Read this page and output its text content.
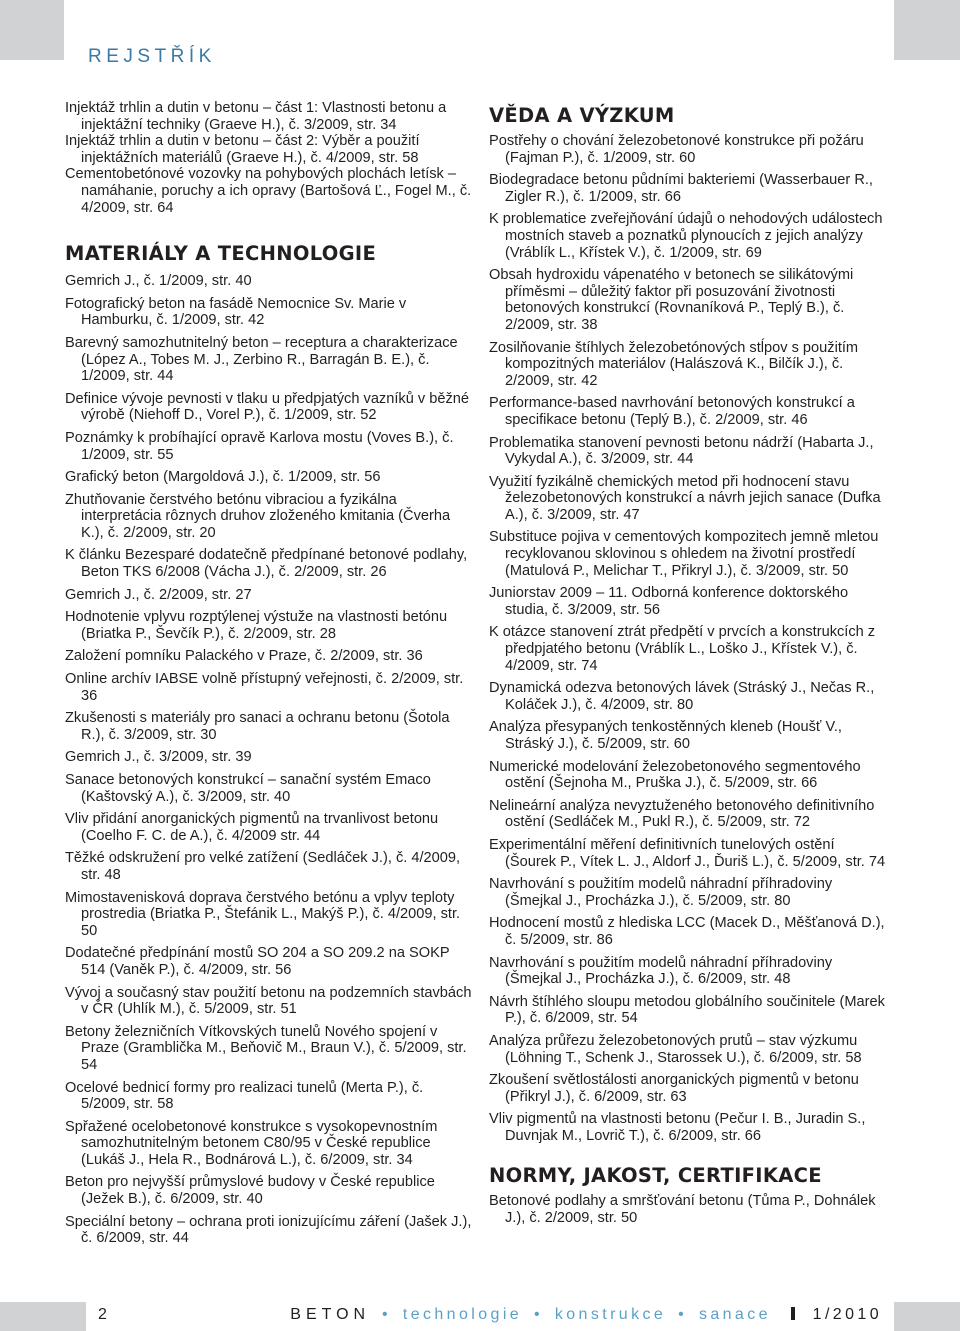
REJSTŘÍK

Injektáž trhlin a dutin v betonu – část 1: Vlastnosti betonu a injektážní techniky (Graeve H.), č. 3/2009, str. 34

Injektáž trhlin a dutin v betonu – část 2: Výběr a použití injektážních materiálů (Graeve H.), č. 4/2009, str. 58

Cementobetónové vozovky na pohybových plochách letísk – namáhanie, poruchy a ich opravy (Bartošová Ľ., Fogel M., č. 4/2009, str. 64

MATERIÁLY A TECHNOLOGIE

Gemrich J., č. 1/2009, str. 40

Fotografický beton na fasádě Nemocnice Sv. Marie v Hamburku, č. 1/2009, str. 42

Barevný samozhutnitelný beton – receptura a charakterizace (López A., Tobes M. J., Zerbino R., Barragán B. E.), č. 1/2009, str. 44

Definice vývoje pevnosti v tlaku u předpjatých vazníků v běžné výrobě (Niehoff D., Vorel P.), č. 1/2009, str. 52

Poznámky k probíhající opravě Karlova mostu (Voves B.), č. 1/2009, str. 55

Grafický beton (Margoldová J.), č. 1/2009, str. 56

Zhutňovanie čerstvého betónu vibraciou a fyzikálna interpretácia rôznych druhov zloženého kmitania (Čverha K.), č. 2/2009, str. 20

K článku Bezesparé dodatečně předpínané betonové podlahy, Beton TKS 6/2008 (Vácha J.), č. 2/2009, str. 26

Gemrich J., č. 2/2009, str. 27

Hodnotenie vplyvu rozptýlenej výstuže na vlastnosti betónu (Briatka P., Ševčík P.), č. 2/2009, str. 28

Založení pomníku Palackého v Praze, č. 2/2009, str. 36

Online archív IABSE volně přístupný veřejnosti, č. 2/2009, str. 36

Zkušenosti s materiály pro sanaci a ochranu betonu (Šotola R.), č. 3/2009, str. 30

Gemrich J., č. 3/2009, str. 39

Sanace betonových konstrukcí – sanační systém Emaco (Kaštovský A.), č. 3/2009, str. 40

Vliv přidání anorganických pigmentů na trvanlivost betonu (Coelho F. C. de A.), č. 4/2009 str. 44

Těžké odskružení pro velké zatížení (Sedláček J.), č. 4/2009, str. 48

Mimostavenisková doprava čerstvého betónu a vplyv teploty prostredia (Briatka P., Štefánik L., Makýš P.), č. 4/2009, str. 50

Dodatečné předpínání mostů SO 204 a SO 209.2 na SOKP 514 (Vaněk P.), č. 4/2009, str. 56

Vývoj a současný stav použití betonu na podzemních stavbách v ČR (Uhlík M.), č. 5/2009, str. 51

Betony železničních Vítkovských tunelů Nového spojení v Praze (Gramblička M., Beňovič M., Braun V.), č. 5/2009, str. 54

Ocelové bednicí formy pro realizaci tunelů (Merta P.), č. 5/2009, str. 58

Spřažené ocelobetonové konstrukce s vysokopevnostním samozhutnitelným betonem C80/95 v České republice (Lukáš J., Hela R., Bodnárová L.), č. 6/2009, str. 34

Beton pro nejvyšší průmyslové budovy v České republice (Ježek B.), č. 6/2009, str. 40

Speciální betony – ochrana proti ionizujícímu záření (Jašek J.), č. 6/2009, str. 44

VĚDA A VÝZKUM

Postřehy o chování železobetonové konstrukce při požáru (Fajman P.), č. 1/2009, str. 60

Biodegradace betonu půdními bakteriemi (Wasserbauer R., Zigler R.), č. 1/2009, str. 66

K problematice zveřejňování údajů o nehodových událostech mostních staveb a poznatků plynoucích z jejich analýzy (Vráblík L., Křístek V.), č. 1/2009, str. 69

Obsah hydroxidu vápenatého v betonech se silikátovými příměsmi – důležitý faktor při posuzování životnosti betonových konstrukcí (Rovnaníková P., Teplý B.), č. 2/2009, str. 38

Zosilňovanie štíhlych železobetónových stĺpov s použitím kompozitných materiálov (Halászová K., Bilčík J.), č. 2/2009, str. 42

Performance-based navrhování betonových konstrukcí a specifikace betonu (Teplý B.), č. 2/2009, str. 46

Problematika stanovení pevnosti betonu nádrží (Habarta J., Vykydal A.), č. 3/2009, str. 44

Využití fyzikálně chemických metod při hodnocení stavu železobetonových konstrukcí a návrh jejich sanace (Dufka A.), č. 3/2009, str. 47

Substituce pojiva v cementových kompozitech jemně mletou recyklovanou sklovinou s ohledem na životní prostředí (Matulová P., Melichar T., Přikryl J.), č. 3/2009, str. 50

Juniorstav 2009 – 11. Odborná konference doktorského studia, č. 3/2009, str. 56

K otázce stanovení ztrát předpětí v prvcích a konstrukcích z předpjatého betonu (Vráblík L., Loško J., Křístek V.), č. 4/2009, str. 74

Dynamická odezva betonových lávek (Stráský J., Nečas R., Koláček J.), č. 4/2009, str. 80

Analýza přesypaných tenkostěnných kleneb (Houšť V., Stráský J.), č. 5/2009, str. 60

Numerické modelování železobetonového segmentového ostění (Šejnoha M., Pruška J.), č. 5/2009, str. 66

Nelineární analýza nevyztuženého betonového definitivního ostění (Sedláček M., Pukl R.), č. 5/2009, str. 72

Experimentální měření definitivních tunelových ostění (Šourek P., Vítek L. J., Aldorf J., Ďuriš L.), č. 5/2009, str. 74

Navrhování s použitím modelů náhradní příhradoviny (Šmejkal J., Procházka J.), č. 5/2009, str. 80

Hodnocení mostů z hlediska LCC (Macek D., Měšťanová D.), č. 5/2009, str. 86

Navrhování s použitím modelů náhradní příhradoviny (Šmejkal J., Procházka J.), č. 6/2009, str. 48

Návrh štíhlého sloupu metodou globálního součinitele (Marek P.), č. 6/2009, str. 54

Analýza průřezu železobetonových prutů – stav výzkumu (Löhning T., Schenk J., Starossek U.), č. 6/2009, str. 58

Zkoušení světlostálosti anorganických pigmentů v betonu (Přikryl J.), č. 6/2009, str. 63

Vliv pigmentů na vlastnosti betonu (Pečur I. B., Juradin S., Duvnjak M., Lovrič T.), č. 6/2009, str. 66

NORMY, JAKOST, CERTIFIKACE

Betonové podlahy a smršťování betonu (Tůma P., Dohnálek J.), č. 2/2009, str. 50

2	BETON • technologie • konstrukce • sanace	1/2010
